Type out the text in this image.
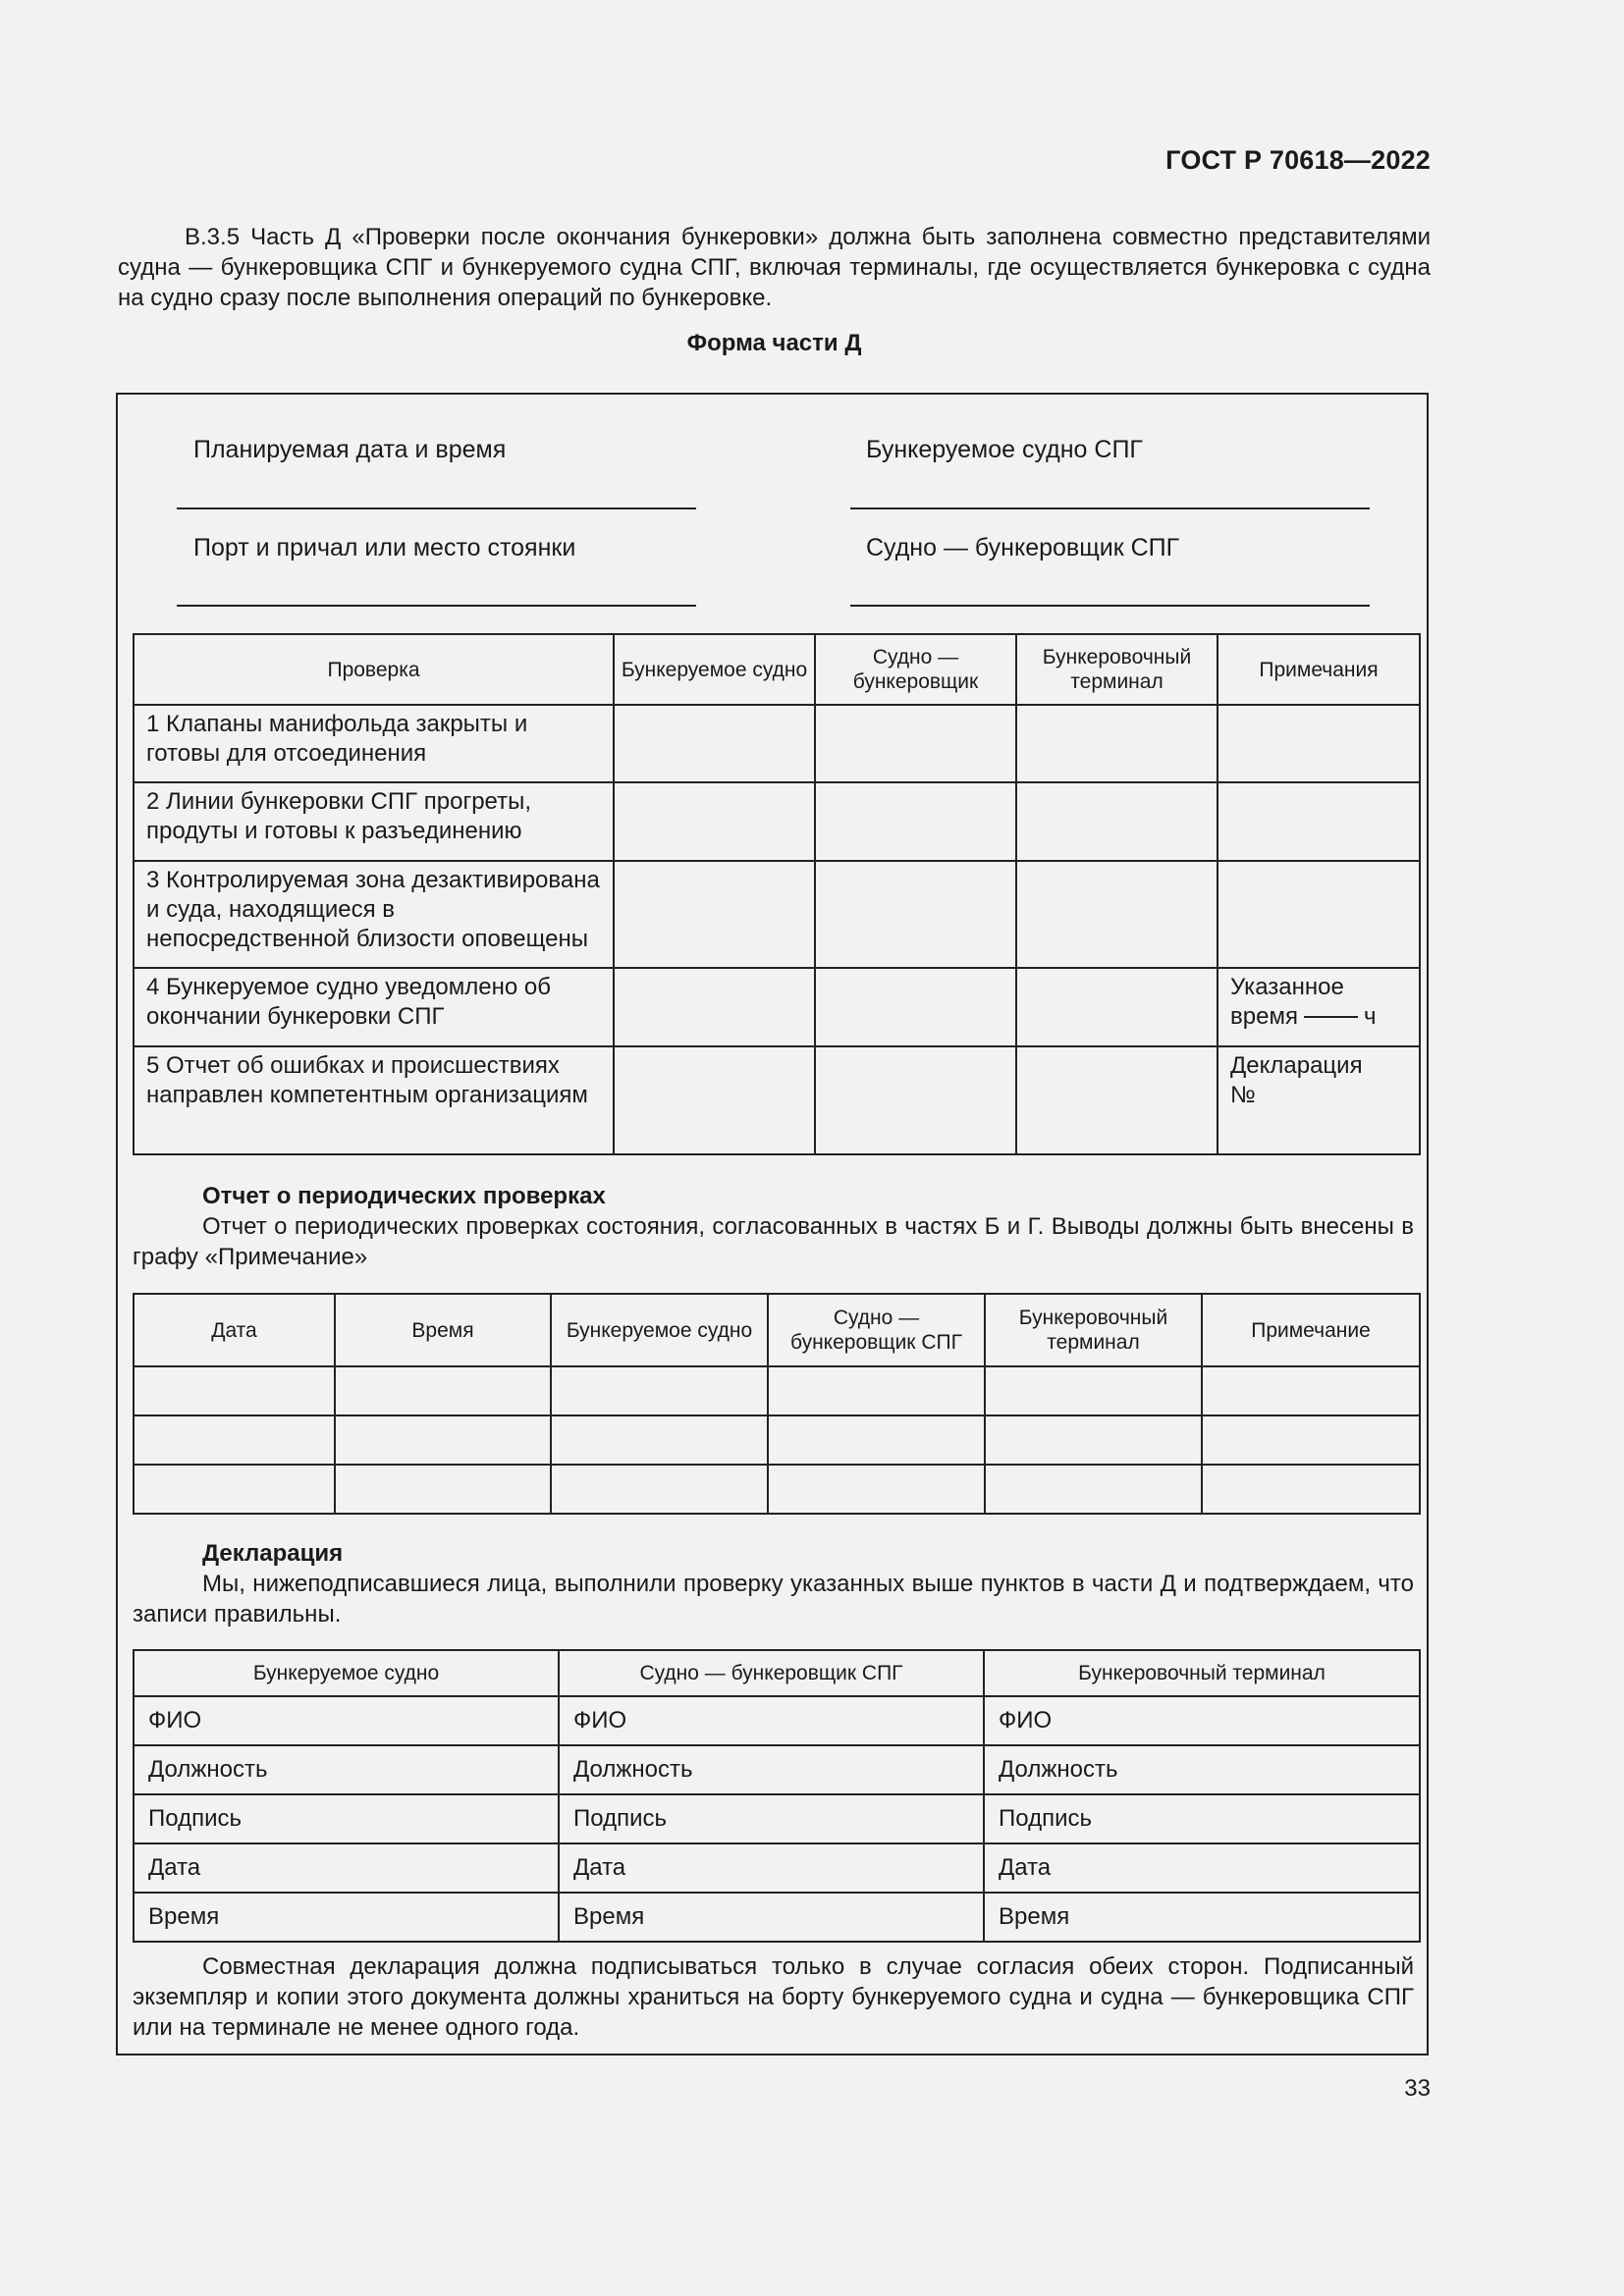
ГОСТ Р 70618—2022
В.3.5 Часть Д «Проверки после окончания бункеровки» должна быть заполнена совместно представителями судна — бункеровщика СПГ и бункеруемого судна СПГ, включая терминалы, где осуществляется бункеровка с судна на судно сразу после выполнения операций по бункеровке.
Форма части Д
Планируемая дата и время	Бункеруемое судно СПГ
Порт и причал или место стоянки	Судно — бункеровщик СПГ
Проверка	Бункеруемое судно	Судно — бункеровщик	Бункеровочный терминал	Примечания
1 Клапаны манифольда закрыты и готовы для отсоединения				
2 Линии бункеровки СПГ прогреты, продуты и готовы к разъединению				
3 Контролируемая зона дезактивирована и суда, находящиеся в непосредственной близости оповещены				
4 Бункеруемое судно уведомлено об окончании бункеровки СПГ				Указанное
время ч
5 Отчет об ошибках и происшествиях направлен компетентным организациям				Декларация №
Отчет о периодических проверках
Отчет о периодических проверках состояния, согласованных в частях Б и Г. Выводы должны быть внесены в графу «Примечание»
Дата	Время	Бункеруемое судно	Судно — бункеровщик СПГ	Бункеровочный терминал	Примечание

Декларация
Мы, нижеподписавшиеся лица, выполнили проверку указанных выше пунктов в части Д и подтверждаем, что записи правильны.
Бункеруемое судно	Судно — бункеровщик СПГ	Бункеровочный терминал
ФИО	ФИО	ФИО
Должность	Должность	Должность
Подпись	Подпись	Подпись
Дата	Дата	Дата
Время	Время	Время
Совместная декларация должна подписываться только в случае согласия обеих сторон. Подписанный экземпляр и копии этого документа должны храниться на борту бункеруемого судна и судна — бункеровщика СПГ или на терминале не менее одного года.
33
